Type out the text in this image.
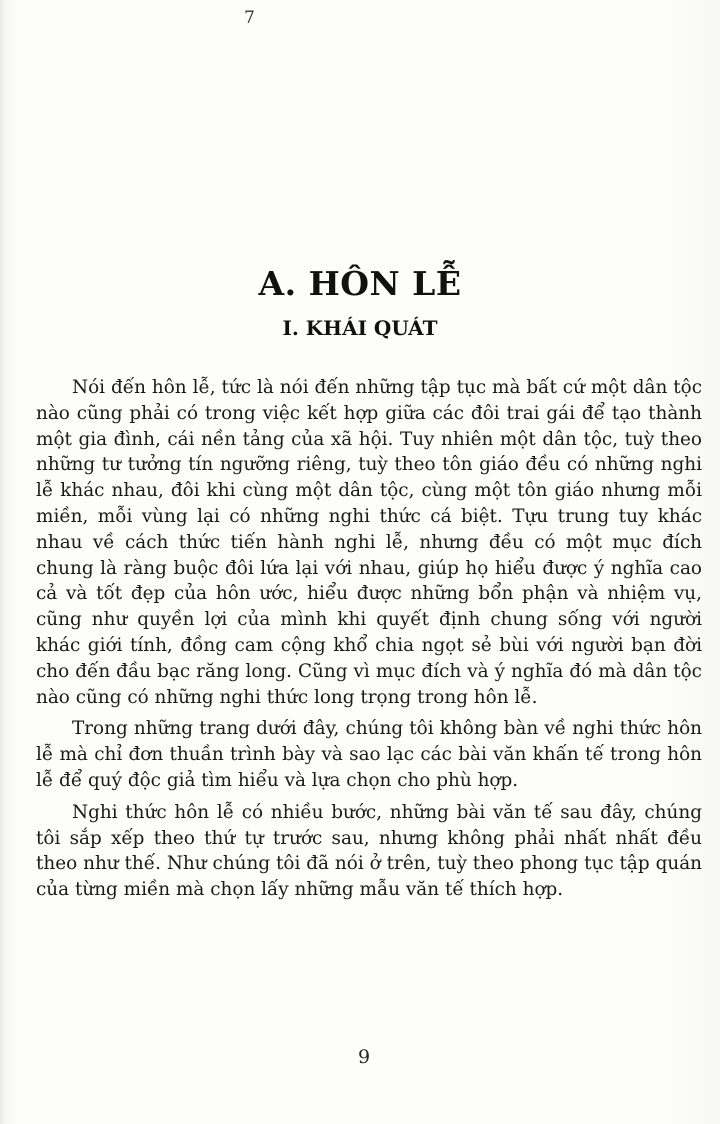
7
A. HÔN LỄ
I. KHÁI QUÁT

Nói đến hôn lễ, tức là nói đến những tập tục mà bất cứ một dân tộc nào cũng phải có trong việc kết hợp giữa các đôi trai gái để tạo thành một gia đình, cái nền tảng của xã hội. Tuy nhiên một dân tộc, tuỳ theo những tư tưởng tín ngưỡng riêng, tuỳ theo tôn giáo đều có những nghi lễ khác nhau, đôi khi cùng một dân tộc, cùng một tôn giáo nhưng mỗi miền, mỗi vùng lại có những nghi thức cá biệt. Tựu trung tuy khác nhau về cách thức tiến hành nghi lễ, nhưng đều có một mục đích chung là ràng buộc đôi lứa lại với nhau, giúp họ hiểu được ý nghĩa cao cả và tốt đẹp của hôn ước, hiểu được những bổn phận và nhiệm vụ, cũng như quyền lợi của mình khi quyết định chung sống với người khác giới tính, đồng cam cộng khổ chia ngọt sẻ bùi với người bạn đời cho đến đầu bạc răng long. Cũng vì mục đích và ý nghĩa đó mà dân tộc nào cũng có những nghi thức long trọng trong hôn lễ.

Trong những trang dưới đây, chúng tôi không bàn về nghi thức hôn lễ mà chỉ đơn thuần trình bày và sao lạc các bài văn khấn tế trong hôn lễ để quý độc giả tìm hiểu và lựa chọn cho phù hợp.

Nghi thức hôn lễ có nhiều bước, những bài văn tế sau đây, chúng tôi sắp xếp theo thứ tự trước sau, nhưng không phải nhất nhất đều theo như thế. Như chúng tôi đã nói ở trên, tuỳ theo phong tục tập quán của từng miền mà chọn lấy những mẫu văn tế thích hợp.

9
